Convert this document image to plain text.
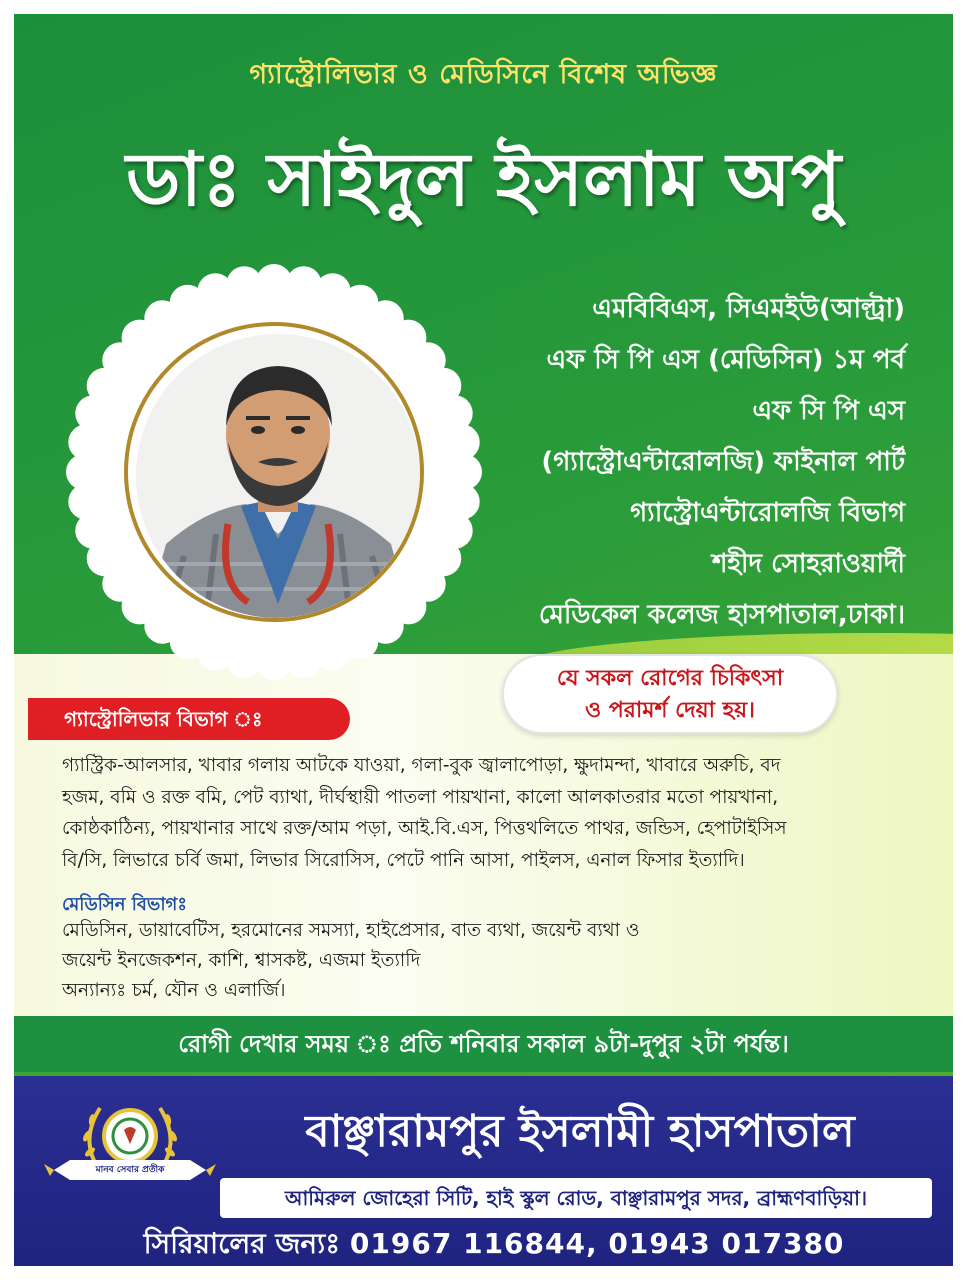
গ্যাস্ট্রোলিভার ও মেডিসিনে বিশেষ অভিজ্ঞ
ডাঃ সাইদুল ইসলাম অপু
এমবিবিএস, সিএমইউ(আল্ট্রা)
এফ সি পি এস (মেডিসিন) ১ম পর্ব
এফ সি পি এস
(গ্যাস্ট্রোএন্টারোলজি) ফাইনাল পার্ট
গ্যাস্ট্রোএন্টারোলজি বিভাগ
শহীদ সোহরাওয়ার্দী
মেডিকেল কলেজ হাসপাতাল,ঢাকা।
যে সকল রোগের চিকিৎসা
ও পরামর্শ দেয়া হয়।
গ্যাস্ট্রোলিভার বিভাগ ঃ
গ্যাস্ট্রিক-আলসার, খাবার গলায় আটকে যাওয়া, গলা-বুক জ্বালাপোড়া, ক্ষুদামন্দা, খাবারে অরুচি, বদ
হজম, বমি ও রক্ত বমি, পেট ব্যাথা, দীর্ঘস্থায়ী পাতলা পায়খানা, কালো আলকাতরার মতো পায়খানা,
কোষ্ঠকাঠিন্য, পায়খানার সাথে রক্ত/আম পড়া, আই.বি.এস, পিত্তথলিতে পাথর, জন্ডিস, হেপাটাইসিস
বি/সি, লিভারে চর্বি জমা, লিভার সিরোসিস, পেটে পানি আসা, পাইলস, এনাল ফিসার ইত্যাদি।
মেডিসিন বিভাগঃ
মেডিসিন, ডায়াবেটিস, হরমোনের সমস্যা, হাইপ্রেসার, বাত ব্যথা, জয়েন্ট ব্যথা ও
জয়েন্ট ইনজেকশন, কাশি, শ্বাসকষ্ট, এজমা ইত্যাদি
অন্যান্যঃ চর্ম, যৌন ও এলার্জি।
রোগী দেখার সময় ঃ প্রতি শনিবার সকাল ৯টা-দুপুর ২টা পর্যন্ত।
মানব সেবার প্রতীক
বাঞ্ছারামপুর ইসলামী হাসপাতাল
আমিরুল জোহেরা সিটি, হাই স্কুল রোড, বাঞ্ছারামপুর সদর, ব্রাহ্মণবাড়িয়া।
সিরিয়ালের জন্যঃ 01967 116844, 01943 017380
